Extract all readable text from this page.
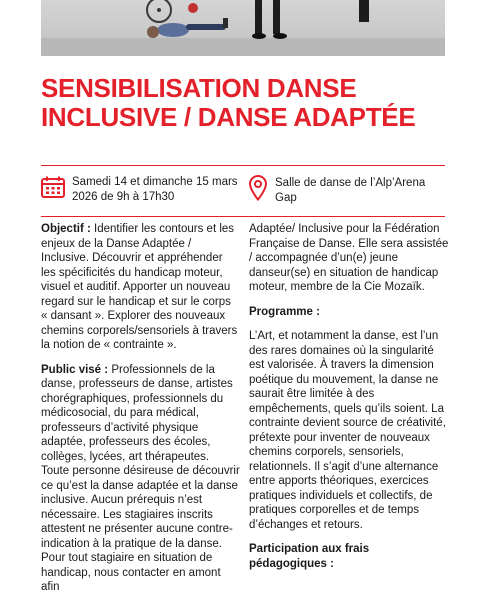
SENSIBILISATION DANSE INCLUSIVE / DANSE ADAPTÉE
Samedi 14 et dimanche 15 mars 2026 de 9h à 17h30
Salle de danse de l’Alp’Arena Gap

Objectif : Identifier les contours et les enjeux de la Danse Adaptée / Inclusive. Découvrir et appréhender les spécificités du handicap moteur, visuel et auditif. Apporter un nouveau regard sur le handicap et sur le corps « dansant ». Explorer des nouveaux chemins corporels/sensoriels à travers la notion de « contrainte ».

Public visé : Professionnels de la danse, professeurs de danse, artistes chorégraphiques, professionnels du médicosocial, du para médical, professeurs d’activité physique adaptée, professeurs des écoles, collèges, lycées, art thérapeutes. Toute personne désireuse de découvrir ce qu’est la danse adaptée et la danse inclusive. Aucun prérequis n’est nécessaire. Les stagiaires inscrits attestent ne présenter aucune contre-indication à la pratique de la danse. Pour tout stagiaire en situation de handicap, nous contacter en amont afin

Adaptée/ Inclusive pour la Fédération Française de Danse. Elle sera assistée / accompagnée d’un(e) jeune danseur(se) en situation de handicap moteur, membre de la Cie Mozaïk.

Programme :

L’Art, et notamment la danse, est l’un des rares domaines où la singularité est valorisée. À travers la dimension poétique du mouvement, la danse ne saurait être limitée à des empêchements, quels qu’ils soient. La contrainte devient source de créativité, prétexte pour inventer de nouveaux chemins corporels, sensoriels, relationnels. Il s’agit d’une alternance entre apports théoriques, exercices pratiques individuels et collectifs, de pratiques corporelles et de temps d’échanges et retours.

Participation aux frais pédagogiques :
